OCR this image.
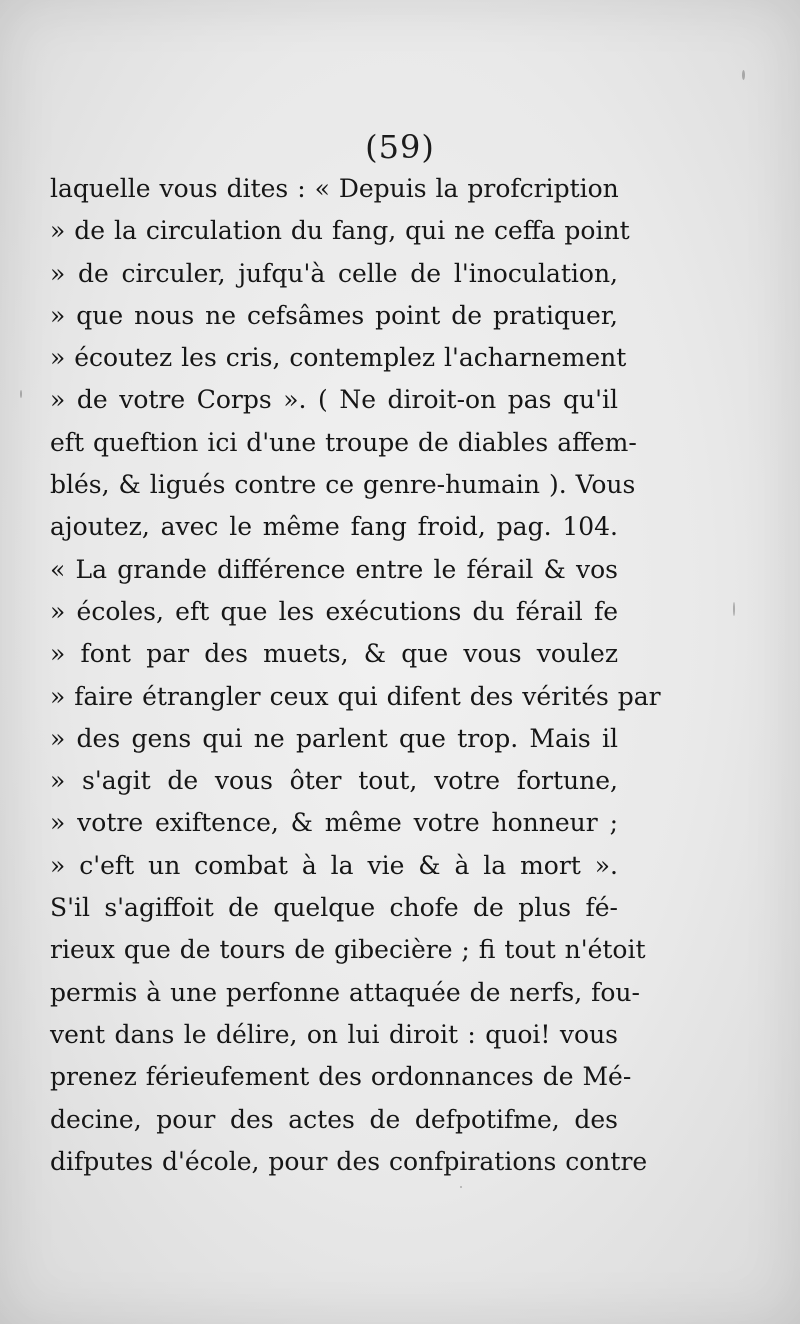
(59)
laquelle vous dites : « Depuis la profcription
» de la circulation du fang, qui ne ceffa point
» de circuler, jufqu'à celle de l'inoculation,
» que nous ne cefsâmes point de pratiquer,
» écoutez les cris, contemplez l'acharnement
» de votre Corps ». ( Ne diroit-on pas qu'il
eft queftion ici d'une troupe de diables affem-
blés, & ligués contre ce genre-humain ). Vous
ajoutez, avec le même fang froid, pag. 104.
« La grande différence entre le férail & vos
» écoles, eft que les exécutions du férail fe
» font par des muets, & que vous voulez
» faire étrangler ceux qui difent des vérités par
» des gens qui ne parlent que trop. Mais il
» s'agit de vous ôter tout, votre fortune,
» votre exiftence, & même votre honneur ;
» c'eft un combat à la vie & à la mort ».
S'il s'agiffoit de quelque chofe de plus fé-
rieux que de tours de gibecière ; fi tout n'étoit
permis à une perfonne attaquée de nerfs, fou-
vent dans le délire, on lui diroit : quoi! vous
prenez férieufement des ordonnances de Mé-
decine, pour des actes de defpotifme, des
difputes d'école, pour des confpirations contre
